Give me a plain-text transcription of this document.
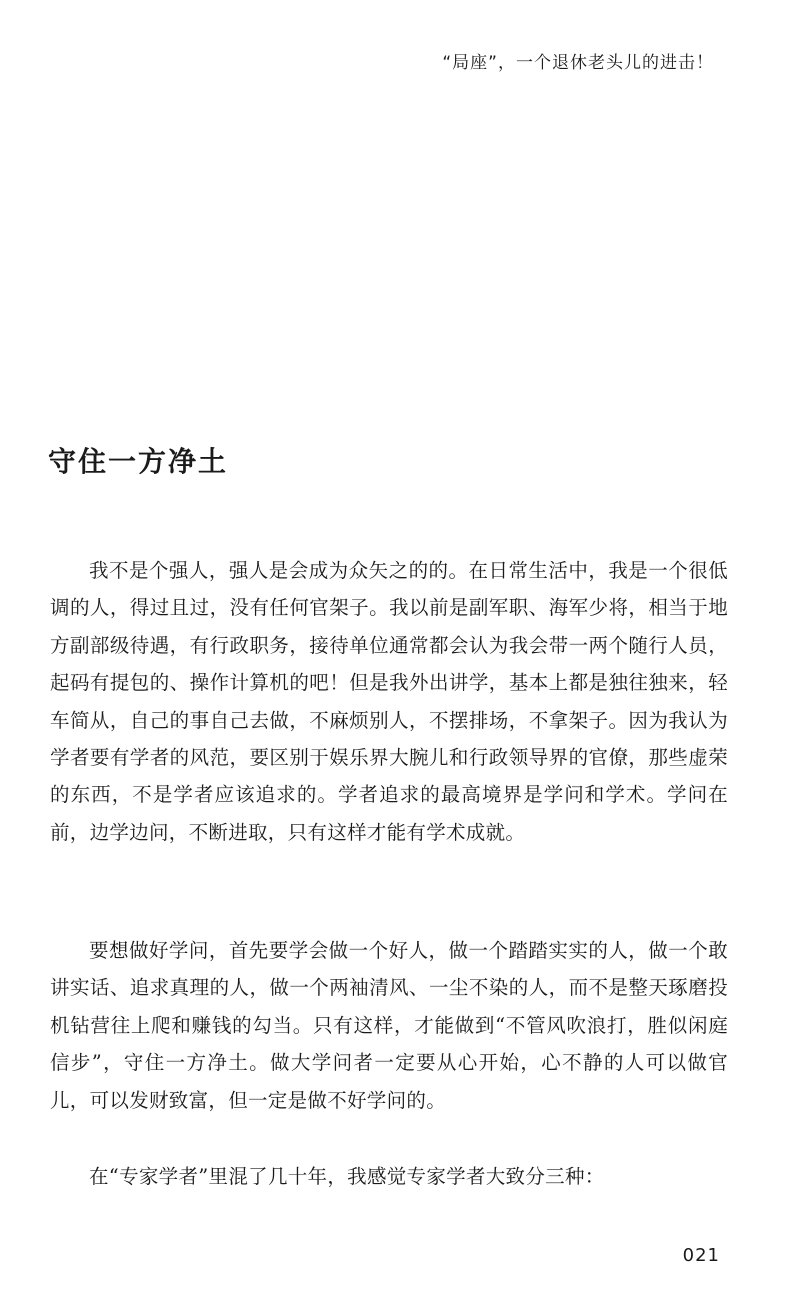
“局座”，一个退休老头儿的进击！
守住一方净土

我不是个强人，强人是会成为众矢之的的。在日常生活中，我是一个很低调的人，得过且过，没有任何官架子。我以前是副军职、海军少将，相当于地方副部级待遇，有行政职务，接待单位通常都会认为我会带一两个随行人员，起码有提包的、操作计算机的吧！但是我外出讲学，基本上都是独往独来，轻车简从，自己的事自己去做，不麻烦别人，不摆排场，不拿架子。因为我认为学者要有学者的风范，要区别于娱乐界大腕儿和行政领导界的官僚，那些虚荣的东西，不是学者应该追求的。学者追求的最高境界是学问和学术。学问在前，边学边问，不断进取，只有这样才能有学术成就。

要想做好学问，首先要学会做一个好人，做一个踏踏实实的人，做一个敢讲实话、追求真理的人，做一个两袖清风、一尘不染的人，而不是整天琢磨投机钻营往上爬和赚钱的勾当。只有这样，才能做到“不管风吹浪打，胜似闲庭信步”，守住一方净土。做大学问者一定要从心开始，心不静的人可以做官儿，可以发财致富，但一定是做不好学问的。

在“专家学者”里混了几十年，我感觉专家学者大致分三种：

021
